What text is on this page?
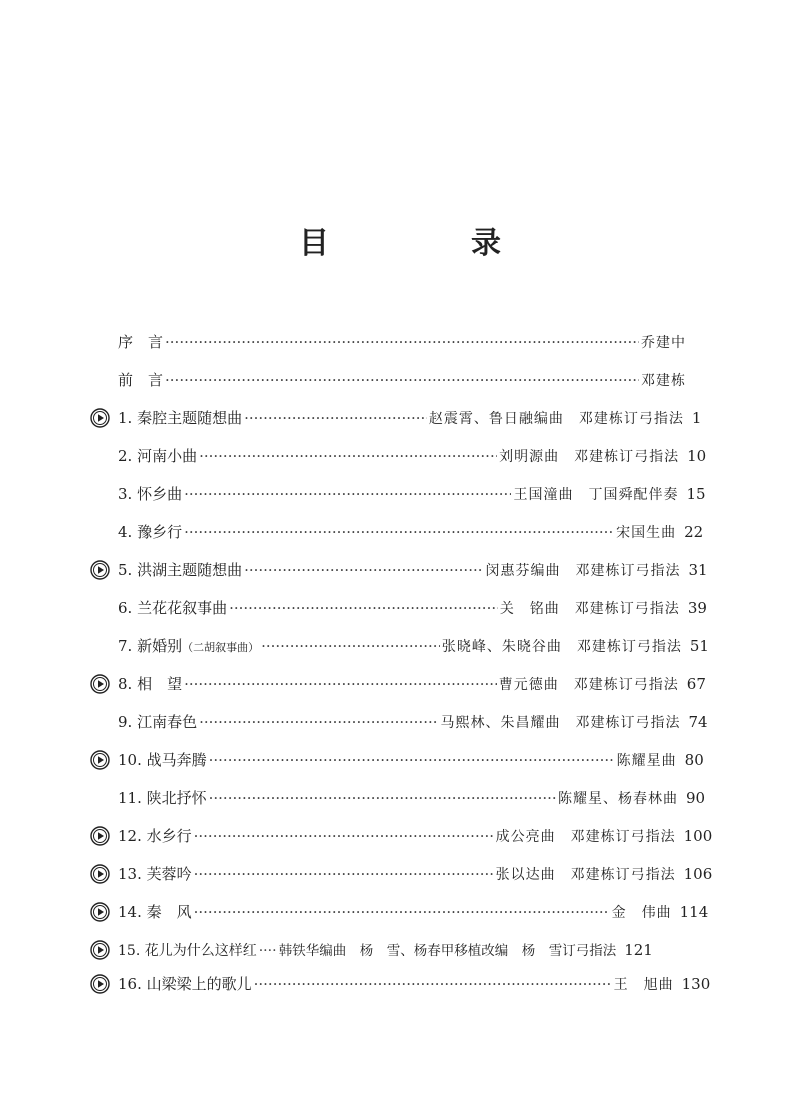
目　录
序　言 ·····	乔建中
前　言 ·····	邓建栋
1. 秦腔主题随想曲 ·····	赵震霄、鲁日融编曲　邓建栋订弓指法 1
2. 河南小曲 ·····	刘明源曲　邓建栋订弓指法 10
3. 怀乡曲 ·····	王国潼曲　丁国舜配伴奏 15
4. 豫乡行 ·····	宋国生曲 22
5. 洪湖主题随想曲 ·····	闵惠芬编曲　邓建栋订弓指法 31
6. 兰花花叙事曲 ·····	关　铭曲　邓建栋订弓指法 39
7. 新婚别 （二胡叙事曲） ·····	张晓峰、朱晓谷曲　邓建栋订弓指法 51
8. 相　望 ·····	曹元德曲　邓建栋订弓指法 67
9. 江南春色 ·····	马熙林、朱昌耀曲　邓建栋订弓指法 74
10. 战马奔腾 ·····	陈耀星曲 80
11. 陕北抒怀 ·····	陈耀星、杨春林曲 90
12. 水乡行 ·····	成公亮曲　邓建栋订弓指法 100
13. 芙蓉吟 ·····	张以达曲　邓建栋订弓指法 106
14. 秦　风 ·····	金　伟曲 114
15. 花儿为什么这样红 ····· 韩铁华编曲　杨　雪、杨春甲移植改编　杨　雪订弓指法 121
16. 山梁梁上的歌儿 ·····	王　旭曲 130
